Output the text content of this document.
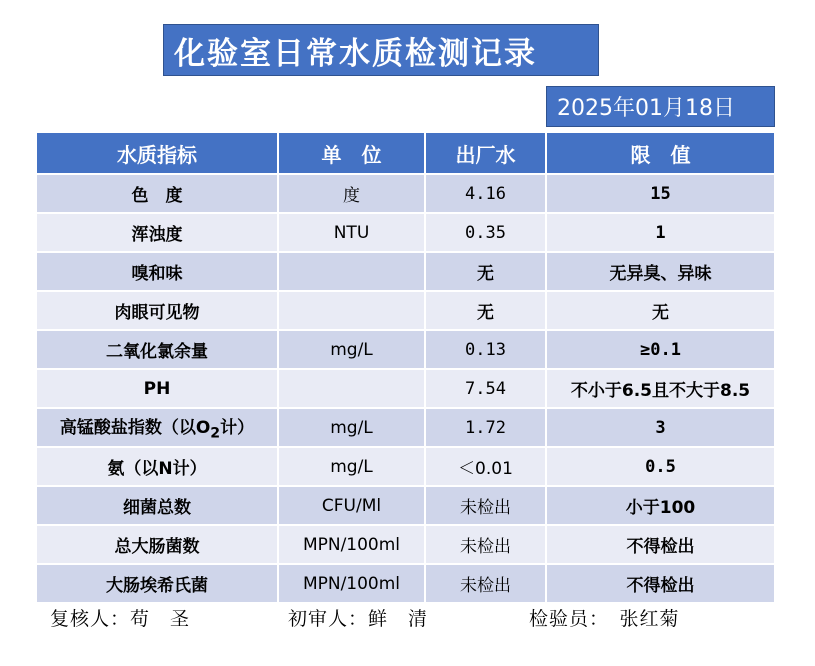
化验室日常水质检测记录
2025年01月18日
水质指标	单　位	出厂水	限　值
色　度	度	4.16	15
浑浊度	NTU	0.35	1
嗅和味		无	无异臭、异味
肉眼可见物		无	无
二氧化氯余量	mg/L	0.13	≥0.1
PH		7.54	不小于6.5且不大于8.5
高锰酸盐指数（以$O_2$计）	mg/L	1.72	3
氨（以N计）	mg/L	＜0.01	0.5
细菌总数	CFU/Ml	未检出	小于100
总大肠菌数	MPN/100ml	未检出	不得检出
大肠埃希氏菌	MPN/100ml	未检出	不得检出
复核人：苟　圣	初审人：鲜　清	检验员：　张红菊
